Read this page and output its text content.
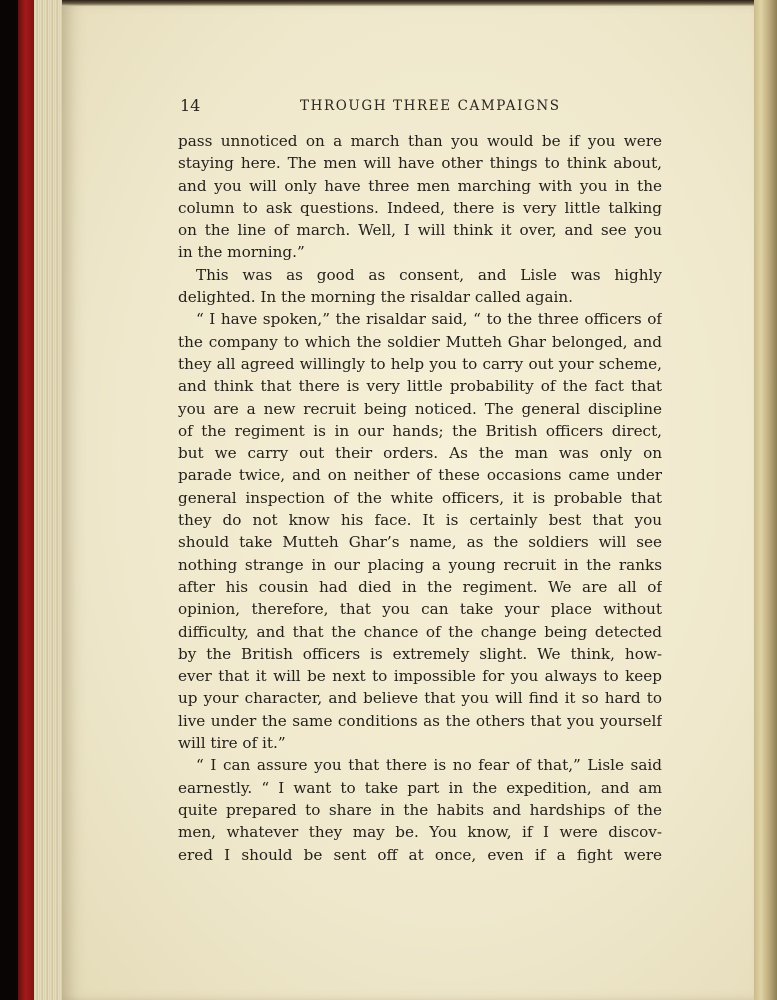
14	THROUGH THREE CAMPAIGNS
pass unnoticed on a march than you would be if you were
staying here. The men will have other things to think about,
and you will only have three men marching with you in the
column to ask questions. Indeed, there is very little talking
on the line of march. Well, I will think it over, and see you
in the morning.”
This was as good as consent, and Lisle was highly
delighted. In the morning the risaldar called again.
“ I have spoken,” the risaldar said, “ to the three officers of
the company to which the soldier Mutteh Ghar belonged, and
they all agreed willingly to help you to carry out your scheme,
and think that there is very little probability of the fact that
you are a new recruit being noticed. The general discipline
of the regiment is in our hands; the British officers direct,
but we carry out their orders. As the man was only on
parade twice, and on neither of these occasions came under
general inspection of the white officers, it is probable that
they do not know his face. It is certainly best that you
should take Mutteh Ghar’s name, as the soldiers will see
nothing strange in our placing a young recruit in the ranks
after his cousin had died in the regiment. We are all of
opinion, therefore, that you can take your place without
difficulty, and that the chance of the change being detected
by the British officers is extremely slight. We think, how-
ever that it will be next to impossible for you always to keep
up your character, and believe that you will find it so hard to
live under the same conditions as the others that you yourself
will tire of it.”
“ I can assure you that there is no fear of that,” Lisle said
earnestly. “ I want to take part in the expedition, and am
quite prepared to share in the habits and hardships of the
men, whatever they may be. You know, if I were discov-
ered I should be sent off at once, even if a fight were
